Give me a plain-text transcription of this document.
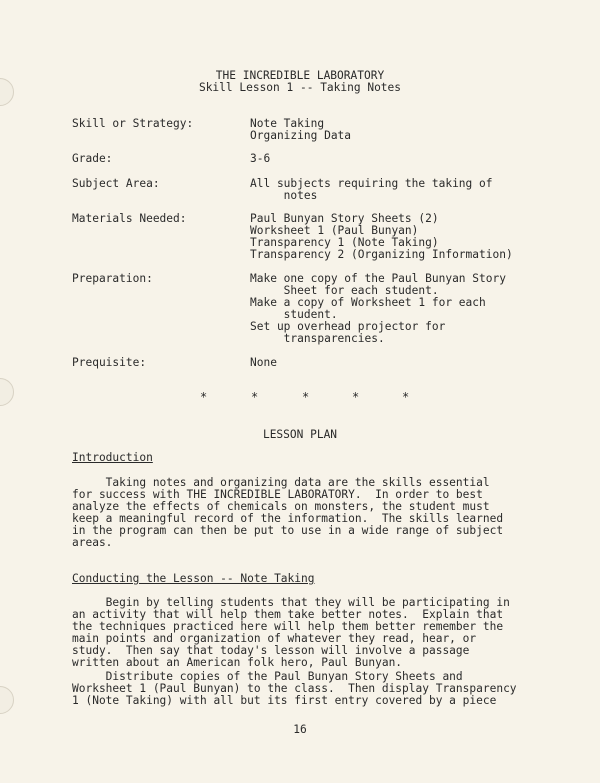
THE INCREDIBLE LABORATORY
Skill Lesson 1 -- Taking Notes
Skill or Strategy:	Note Taking
Organizing Data
Grade:	3-6
Subject Area:	All subjects requiring the taking of
notes
Materials Needed:	Paul Bunyan Story Sheets (2)
Worksheet 1 (Paul Bunyan)
Transparency 1 (Note Taking)
Transparency 2 (Organizing Information)
Preparation:	Make one copy of the Paul Bunyan Story
Sheet for each student.
Make a copy of Worksheet 1 for each
student.
Set up overhead projector for
transparencies.
Prequisite:	None
*	*	*	*	*
LESSON PLAN
Introduction
Taking notes and organizing data are the skills essential
for success with THE INCREDIBLE LABORATORY.  In order to best
analyze the effects of chemicals on monsters, the student must
keep a meaningful record of the information.  The skills learned
in the program can then be put to use in a wide range of subject
areas.
Conducting the Lesson -- Note Taking
Begin by telling students that they will be participating in
an activity that will help them take better notes.  Explain that
the techniques practiced here will help them better remember the
main points and organization of whatever they read, hear, or
study.  Then say that today's lesson will involve a passage
written about an American folk hero, Paul Bunyan.
Distribute copies of the Paul Bunyan Story Sheets and
Worksheet 1 (Paul Bunyan) to the class.  Then display Transparency
1 (Note Taking) with all but its first entry covered by a piece
16
